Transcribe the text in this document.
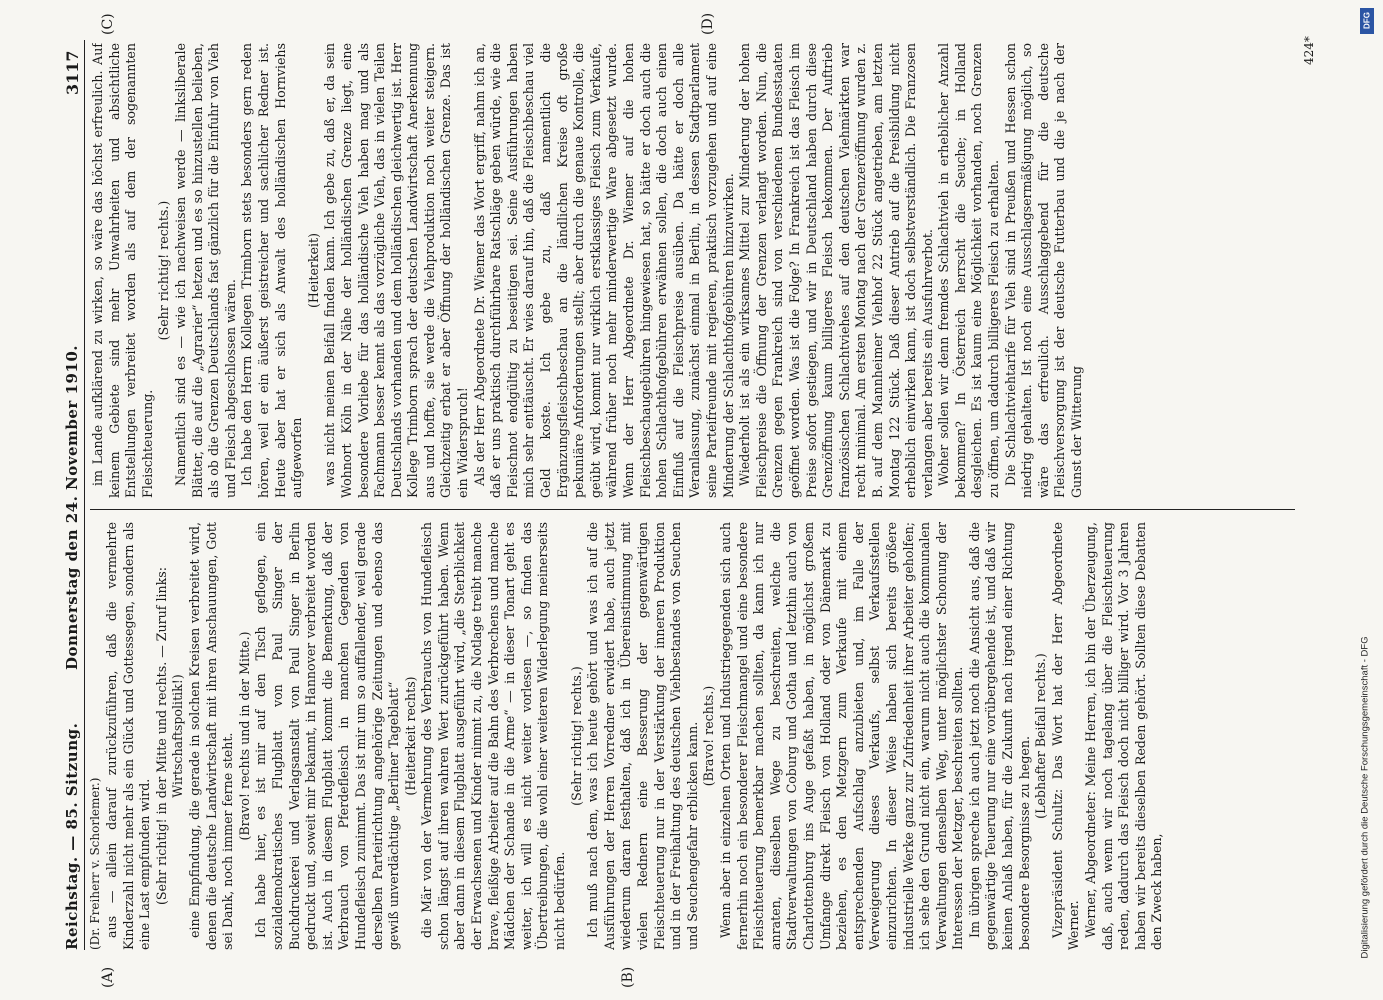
Reichstag. — 85. Sitzung.
Donnerstag den 24. November 1910.
3117
(Dr. Freiherr v. Schorlemer.)
(A)	(B)
(C)	(D)

aus — allein darauf zurückzuführen, daß die vermehrte Kinderzahl nicht mehr als ein Glück und Gottessegen, sondern als eine Last empfunden wird. (Sehr richtig! in der Mitte und rechts. — Zuruf links: Wirtschaftspolitik!) eine Empfindung, die gerade in solchen Kreisen verbreitet wird, denen die deutsche Landwirtschaft mit ihren Anschauungen, Gott sei Dank, noch immer ferne steht. (Bravo! rechts und in der Mitte.) Ich habe hier, es ist mir auf den Tisch geflogen, ein sozialdemokratisches Flugblatt von Paul Singer der Buchdruckerei und Verlagsanstalt von Paul Singer in Berlin gedruckt und, soweit mir bekannt, in Hannover verbreitet worden ist. Auch in diesem Flugblatt kommt die Bemerkung, daß der Verbrauch von Pferdefleisch in manchen Gegenden von Hundefleisch zunimmt. Das ist mir um so auffallender, weil gerade derselben Parteirichtung angehörige Zeitungen und ebenso das gewiß unverdächtige „Berliner Tageblatt“ (Heiterkeit rechts) die Mär von der Vermehrung des Verbrauchs von Hundefleisch schon längst auf ihren wahren Wert zurückgeführt haben. Wenn aber dann in diesem Flugblatt ausgeführt wird, „die Sterblichkeit der Erwachsenen und Kinder nimmt zu, die Notlage treibt manche brave, fleißige Arbeiter auf die Bahn des Verbrechens und manche Mädchen der Schande in die Arme“ — in dieser Tonart geht es weiter, ich will es nicht weiter vorlesen —, so finden das Übertreibungen, die wohl einer weiteren Widerlegung meinerseits nicht bedürfen.

(Sehr richtig! rechts.) Ich muß nach dem, was ich heute gehört und was ich auf die Ausführungen der Herren Vorredner erwidert habe, auch jetzt wiederum daran festhalten, daß ich in Übereinstimmung mit vielen Rednern eine Besserung der gegenwärtigen Fleischteuerung nur in der Verstärkung der inneren Produktion und in der Freihaltung des deutschen Viehbestandes von Seuchen und Seuchengefahr erblicken kann. (Bravo! rechts.) Wenn aber in einzelnen Orten und Industriegegenden sich auch fernerhin noch ein besonderer Fleischmangel und eine besondere Fleischteuerung bemerkbar machen sollten, da kann ich nur anraten, dieselben Wege zu beschreiten, welche die Stadtverwaltungen von Coburg und Gotha und letzthin auch von Charlottenburg ins Auge gefaßt haben, in möglichst großem Umfange direkt Fleisch von Holland oder von Dänemark zu beziehen, es den Metzgern zum Verkaufe mit einem entsprechenden Aufschlag anzubieten und, im Falle der Verweigerung dieses Verkaufs, selbst Verkaufsstellen einzurichten. In dieser Weise haben sich bereits größere industrielle Werke ganz zur Zufriedenheit ihrer Arbeiter geholfen; ich sehe den Grund nicht ein, warum nicht auch die kommunalen Verwaltungen denselben Weg, unter möglichster Schonung der Interessen der Metzger, beschreiten sollten. Im übrigen spreche ich auch jetzt noch die Ansicht aus, daß die gegenwärtige Teuerung nur eine vorübergehende ist, und daß wir keinen Anlaß haben, für die Zukunft nach irgend einer Richtung besondere Besorgnisse zu hegen.

(Lebhafter Beifall rechts.) Vizepräsident Schultz: Das Wort hat der Herr Abgeordnete Werner. Werner, Abgeordneter: Meine Herren, ich bin der Überzeugung, daß, auch wenn wir noch tagelang über die Fleischteuerung reden, dadurch das Fleisch doch nicht billiger wird. Vor 3 Jahren haben wir bereits dieselben Reden gehört. Sollten diese Debatten den Zweck haben,

im Lande aufklärend zu wirken, so wäre das höchst erfreulich. Auf keinem Gebiete sind mehr Unwahrheiten und absichtliche Entstellungen verbreitet worden als auf dem der sogenannten Fleischteuerung.

(Sehr richtig! rechts.) Namentlich sind es — wie ich nachweisen werde — linksliberale Blätter, die auf die „Agrarier“ hetzen und es so hinzustellen belieben, als ob die Grenzen Deutschlands fast gänzlich für die Einfuhr von Vieh und Fleisch abgeschlossen wären. Ich habe den Herrn Kollegen Trimborn stets besonders gern reden hören, weil er ein äußerst geistreicher und sachlicher Redner ist. Heute aber hat er sich als Anwalt des holländischen Hornviehs aufgeworfen

(Heiterkeit) was nicht meinen Beifall finden kann. Ich gebe zu, daß er, da sein Wohnort Köln in der Nähe der holländischen Grenze liegt, eine besondere Vorliebe für das holländische Vieh haben mag und als Fachmann besser kennt als das vorzügliche Vieh, das in vielen Teilen Deutschlands vorhanden und dem holländischen gleichwertig ist. Herr Kollege Trimborn sprach der deutschen Landwirtschaft Anerkennung aus und hoffte, sie werde die Viehproduktion noch weiter steigern. Gleichzeitig erbat er aber Öffnung der holländischen Grenze. Das ist ein Widerspruch! Als der Herr Abgeordnete Dr. Wiemer das Wort ergriff, nahm ich an, daß er uns praktisch durchführbare Ratschläge geben würde, wie die Fleischnot endgültig zu beseitigen sei. Seine Ausführungen haben mich sehr enttäuscht. Er wies darauf hin, daß die Fleischbeschau viel Geld koste. Ich gebe zu, daß namentlich die Ergänzungsfleischbeschau an die ländlichen Kreise oft große pekuniäre Anforderungen stellt; aber durch die genaue Kontrolle, die geübt wird, kommt nur wirklich erstklassiges Fleisch zum Verkaufe, während früher noch mehr minderwertige Ware abgesetzt wurde. Wenn der Herr Abgeordnete Dr. Wiemer auf die hohen Fleischbeschaugebühren hingewiesen hat, so hätte er doch auch die hohen Schlachthofgebühren erwähnen sollen, die doch auch einen Einfluß auf die Fleischpreise ausüben. Da hätte er doch alle Veranlassung, zunächst einmal in Berlin, in dessen Stadtparlament seine Parteifreunde mit regieren, praktisch vorzugehen und auf eine Minderung der Schlachthofgebühren hinzuwirken. Wiederholt ist als ein wirksames Mittel zur Minderung der hohen Fleischpreise die Öffnung der Grenzen verlangt worden. Nun, die Grenzen gegen Frankreich sind von verschiedenen Bundesstaaten geöffnet worden. Was ist die Folge? In Frankreich ist das Fleisch im Preise sofort gestiegen, und wir in Deutschland haben durch diese Grenzöffnung kaum billigeres Fleisch bekommen. Der Auftrieb französischen Schlachtviehes auf den deutschen Viehmärkten war recht minimal. Am ersten Montag nach der Grenzeröffnung wurden z. B. auf dem Mannheimer Viehhof 22 Stück angetrieben, am letzten Montag 122 Stück. Daß dieser Antrieb auf die Preisbildung nicht erheblich einwirken kann, ist doch selbstverständlich. Die Franzosen verlangen aber bereits ein Ausfuhrverbot. Woher sollen wir denn fremdes Schlachtvieh in erheblicher Anzahl bekommen? In Österreich herrscht die Seuche; in Holland desgleichen. Es ist kaum eine Möglichkeit vorhanden, noch Grenzen zu öffnen, um dadurch billigeres Fleisch zu erhalten. Die Schlachtviehtarife für Vieh sind in Preußen und Hessen schon niedrig gehalten. Ist noch eine Ausschlagsermäßigung möglich, so wäre das erfreulich. Ausschlaggebend für die deutsche Fleischversorgung ist der deutsche Futterbau und die je nach der Gunst der Witterung

424*
Digitalisierung gefördert durch die Deutsche Forschungsgemeinschaft - DFG
DFG
